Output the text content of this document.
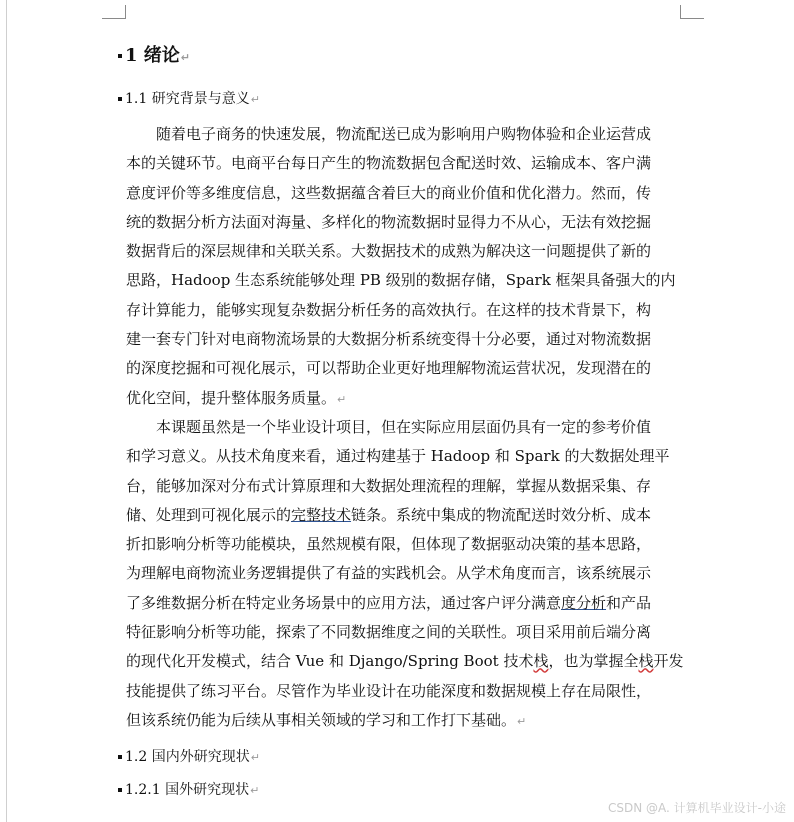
1 绪论↵
1.1 研究背景与意义↵
随着电子商务的快速发展，物流配送已成为影响用户购物体验和企业运营成
本的关键环节。电商平台每日产生的物流数据包含配送时效、运输成本、客户满
意度评价等多维度信息，这些数据蕴含着巨大的商业价值和优化潜力。然而，传
统的数据分析方法面对海量、多样化的物流数据时显得力不从心，无法有效挖掘
数据背后的深层规律和关联关系。大数据技术的成熟为解决这一问题提供了新的
思路，Hadoop 生态系统能够处理 PB 级别的数据存储，Spark 框架具备强大的内
存计算能力，能够实现复杂数据分析任务的高效执行。在这样的技术背景下，构
建一套专门针对电商物流场景的大数据分析系统变得十分必要，通过对物流数据
的深度挖掘和可视化展示，可以帮助企业更好地理解物流运营状况，发现潜在的
优化空间，提升整体服务质量。↵
本课题虽然是一个毕业设计项目，但在实际应用层面仍具有一定的参考价值
和学习意义。从技术角度来看，通过构建基于 Hadoop 和 Spark 的大数据处理平
台，能够加深对分布式计算原理和大数据处理流程的理解，掌握从数据采集、存
储、处理到可视化展示的完整技术链条。系统中集成的物流配送时效分析、成本
折扣影响分析等功能模块，虽然规模有限，但体现了数据驱动决策的基本思路，
为理解电商物流业务逻辑提供了有益的实践机会。从学术角度而言，该系统展示
了多维数据分析在特定业务场景中的应用方法，通过客户评分满意度分析和产品
特征影响分析等功能，探索了不同数据维度之间的关联性。项目采用前后端分离
的现代化开发模式，结合 Vue 和 Django/Spring Boot 技术栈，也为掌握全栈开发
技能提供了练习平台。尽管作为毕业设计在功能深度和数据规模上存在局限性，
但该系统仍能为后续从事相关领域的学习和工作打下基础。↵
1.2 国内外研究现状↵
1.2.1 国外研究现状↵
CSDN @A. 计算机毕业设计-小途
